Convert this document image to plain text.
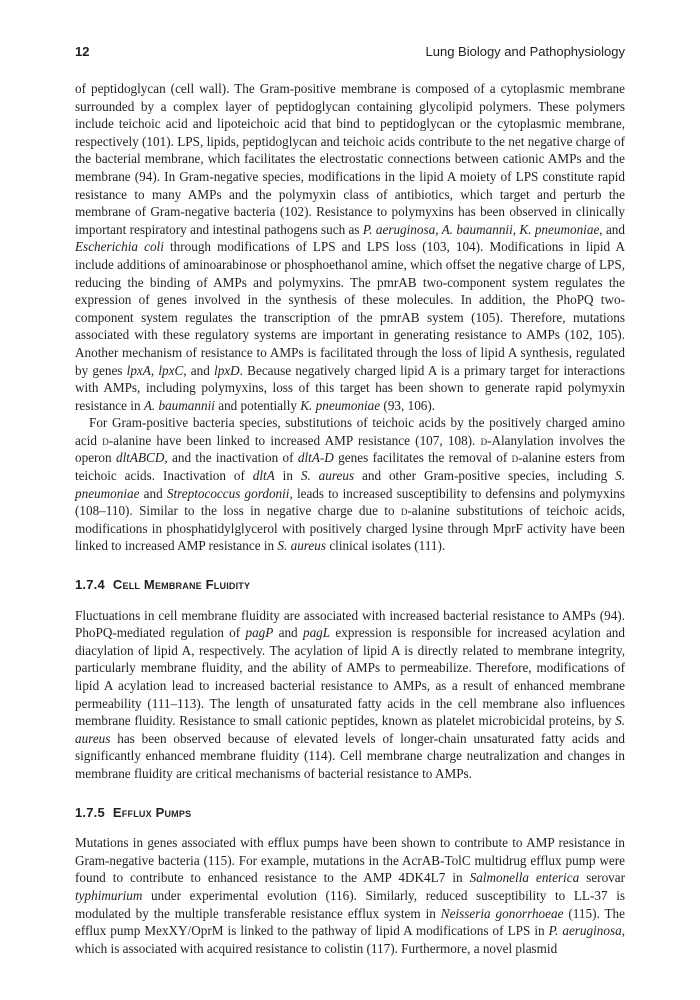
12	Lung Biology and Pathophysiology

of peptidoglycan (cell wall). The Gram-positive membrane is composed of a cytoplasmic membrane surrounded by a complex layer of peptidoglycan containing glycolipid polymers. These polymers include teichoic acid and lipoteichoic acid that bind to peptidoglycan or the cytoplasmic membrane, respectively (101). LPS, lipids, peptidoglycan and teichoic acids contribute to the net negative charge of the bacterial membrane, which facilitates the electrostatic connections between cationic AMPs and the membrane (94). In Gram-negative species, modifications in the lipid A moiety of LPS constitute rapid resistance to many AMPs and the polymyxin class of antibiotics, which target and perturb the membrane of Gram-negative bacteria (102). Resistance to polymyxins has been observed in clinically important respiratory and intestinal pathogens such as P. aeruginosa, A. baumannii, K. pneumoniae, and Escherichia coli through modifications of LPS and LPS loss (103, 104). Modifications in lipid A include additions of aminoarabinose or phosphoethanol amine, which offset the negative charge of LPS, reducing the binding of AMPs and polymyxins. The pmrAB two-component system regulates the expression of genes involved in the synthesis of these molecules. In addition, the PhoPQ two-component system regulates the transcription of the pmrAB system (105). Therefore, mutations associated with these regulatory systems are important in generating resistance to AMPs (102, 105). Another mechanism of resistance to AMPs is facilitated through the loss of lipid A synthesis, regulated by genes lpxA, lpxC, and lpxD. Because negatively charged lipid A is a primary target for interactions with AMPs, including polymyxins, loss of this target has been shown to generate rapid polymyxin resistance in A. baumannii and potentially K. pneumoniae (93, 106).

For Gram-positive bacteria species, substitutions of teichoic acids by the positively charged amino acid d-alanine have been linked to increased AMP resistance (107, 108). d-Alanylation involves the operon dltABCD, and the inactivation of dltA-D genes facilitates the removal of d-alanine esters from teichoic acids. Inactivation of dltA in S. aureus and other Gram-positive species, including S. pneumoniae and Streptococcus gordonii, leads to increased susceptibility to defensins and polymyxins (108–110). Similar to the loss in negative charge due to d-alanine substitutions of teichoic acids, modifications in phosphatidylglycerol with positively charged lysine through MprF activity have been linked to increased AMP resistance in S. aureus clinical isolates (111).

1.7.4 Cell Membrane Fluidity

Fluctuations in cell membrane fluidity are associated with increased bacterial resistance to AMPs (94). PhoPQ-mediated regulation of pagP and pagL expression is responsible for increased acylation and diacylation of lipid A, respectively. The acylation of lipid A is directly related to membrane integrity, particularly membrane fluidity, and the ability of AMPs to permeabilize. Therefore, modifications of lipid A acylation lead to increased bacterial resistance to AMPs, as a result of enhanced membrane permeability (111–113). The length of unsaturated fatty acids in the cell membrane also influences membrane fluidity. Resistance to small cationic peptides, known as platelet microbicidal proteins, by S. aureus has been observed because of elevated levels of longer-chain unsaturated fatty acids and significantly enhanced membrane fluidity (114). Cell membrane charge neutralization and changes in membrane fluidity are critical mechanisms of bacterial resistance to AMPs.

1.7.5 Efflux Pumps

Mutations in genes associated with efflux pumps have been shown to contribute to AMP resistance in Gram-negative bacteria (115). For example, mutations in the AcrAB-TolC multidrug efflux pump were found to contribute to enhanced resistance to the AMP 4DK4L7 in Salmonella enterica serovar typhimurium under experimental evolution (116). Similarly, reduced susceptibility to LL-37 is modulated by the multiple transferable resistance efflux system in Neisseria gonorrhoeae (115). The efflux pump MexXY/OprM is linked to the pathway of lipid A modifications of LPS in P. aeruginosa, which is associated with acquired resistance to colistin (117). Furthermore, a novel plasmid
